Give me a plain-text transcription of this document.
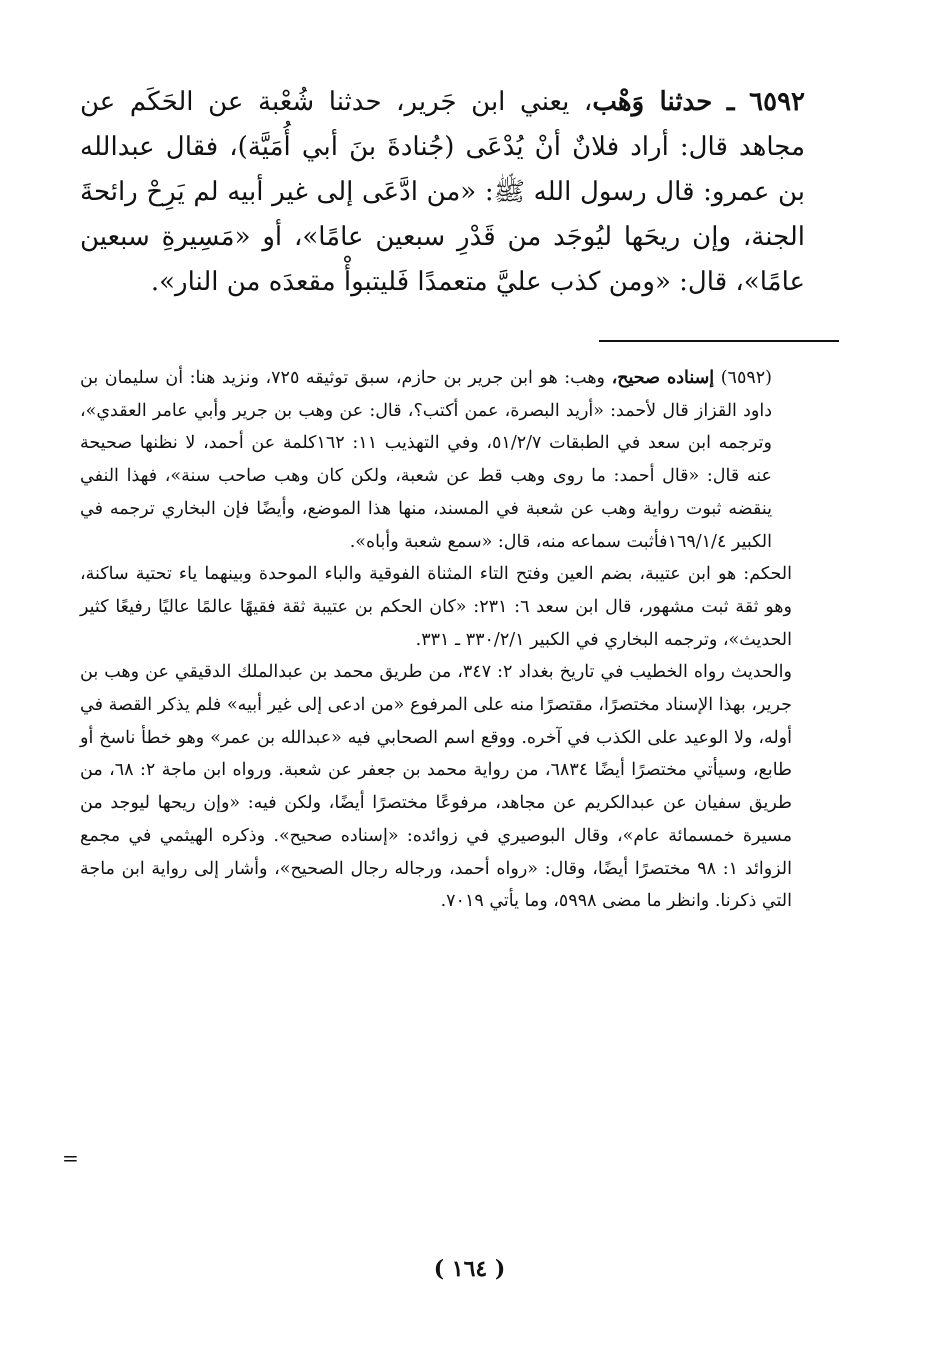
٦٥٩٢ ـ حدثنا وَهْب، يعني ابن جَرير، حدثنا شُعْبة عن الحَكَم عن مجاهد قال: أراد فلانٌ أنْ يُدْعَى (جُنادةَ بنَ أبي أُمَيَّة)، فقال عبدالله بن عمرو: قال رسول الله ﷺ: «من ادَّعَى إلى غير أبيه لم يَرِحْ رائحةَ الجنة، وإن ريحَها ليُوجَد من قَدْرِ سبعين عامًا»، أو «مَسِيرةِ سبعين عامًا»، قال: «ومن كذب عليَّ متعمدًا فَليتبوأْ مقعدَه من النار».

(٦٥٩٢) إسناده صحيح، وهب: هو ابن جرير بن حازم، سبق توثيقه ٧٢٥، ونزيد هنا: أن سليمان بن داود القزاز قال لأحمد: «أريد البصرة، عمن أكتب؟، قال: عن وهب بن جرير وأبي عامر العقدي»، وترجمه ابن سعد في الطبقات ٥١/٢/٧، وفي التهذيب ١١: ١٦٢كلمة عن أحمد، لا نظنها صحيحة عنه قال: «قال أحمد: ما روى وهب قط عن شعبة، ولكن كان وهب صاحب سنة»، فهذا النفي ينقضه ثبوت رواية وهب عن شعبة في المسند، منها هذا الموضع، وأيضًا فإن البخاري ترجمه في الكبير ١٦٩/١/٤فأثبت سماعه منه، قال: «سمع شعبة وأباه».

الحكم: هو ابن عتيبة، بضم العين وفتح التاء المثناة الفوقية والباء الموحدة وبينهما ياء تحتية ساكنة، وهو ثقة ثبت مشهور، قال ابن سعد ٦: ٢٣١: «كان الحكم بن عتيبة ثقة فقيهًا عالمًا عاليًا رفيعًا كثير الحديث»، وترجمه البخاري في الكبير ٣٣٠/٢/١ ـ ٣٣١.

والحديث رواه الخطيب في تاريخ بغداد ٢: ٣٤٧، من طريق محمد بن عبدالملك الدقيقي عن وهب بن جرير، بهذا الإسناد مختصرًا، مقتصرًا منه على المرفوع «من ادعى إلى غير أبيه» فلم يذكر القصة في أوله، ولا الوعيد على الكذب في آخره. ووقع اسم الصحابي فيه «عبدالله بن عمر» وهو خطأ ناسخ أو طابع، وسيأتي مختصرًا أيضًا ٦٨٣٤، من رواية محمد بن جعفر عن شعبة. ورواه ابن ماجة ٢: ٦٨، من طريق سفيان عن عبدالكريم عن مجاهد، مرفوعًا مختصرًا أيضًا، ولكن فيه: «وإن ريحها ليوجد من مسيرة خمسمائة عام»، وقال البوصيري في زوائده: «إسناده صحيح». وذكره الهيثمي في مجمع الزوائد ١: ٩٨ مختصرًا أيضًا، وقال: «رواه أحمد، ورجاله رجال الصحيح»، وأشار إلى رواية ابن ماجة التي ذكرنا. وانظر ما مضى ٥٩٩٨، وما يأتي ٧٠١٩.

=
( ١٦٤ )
